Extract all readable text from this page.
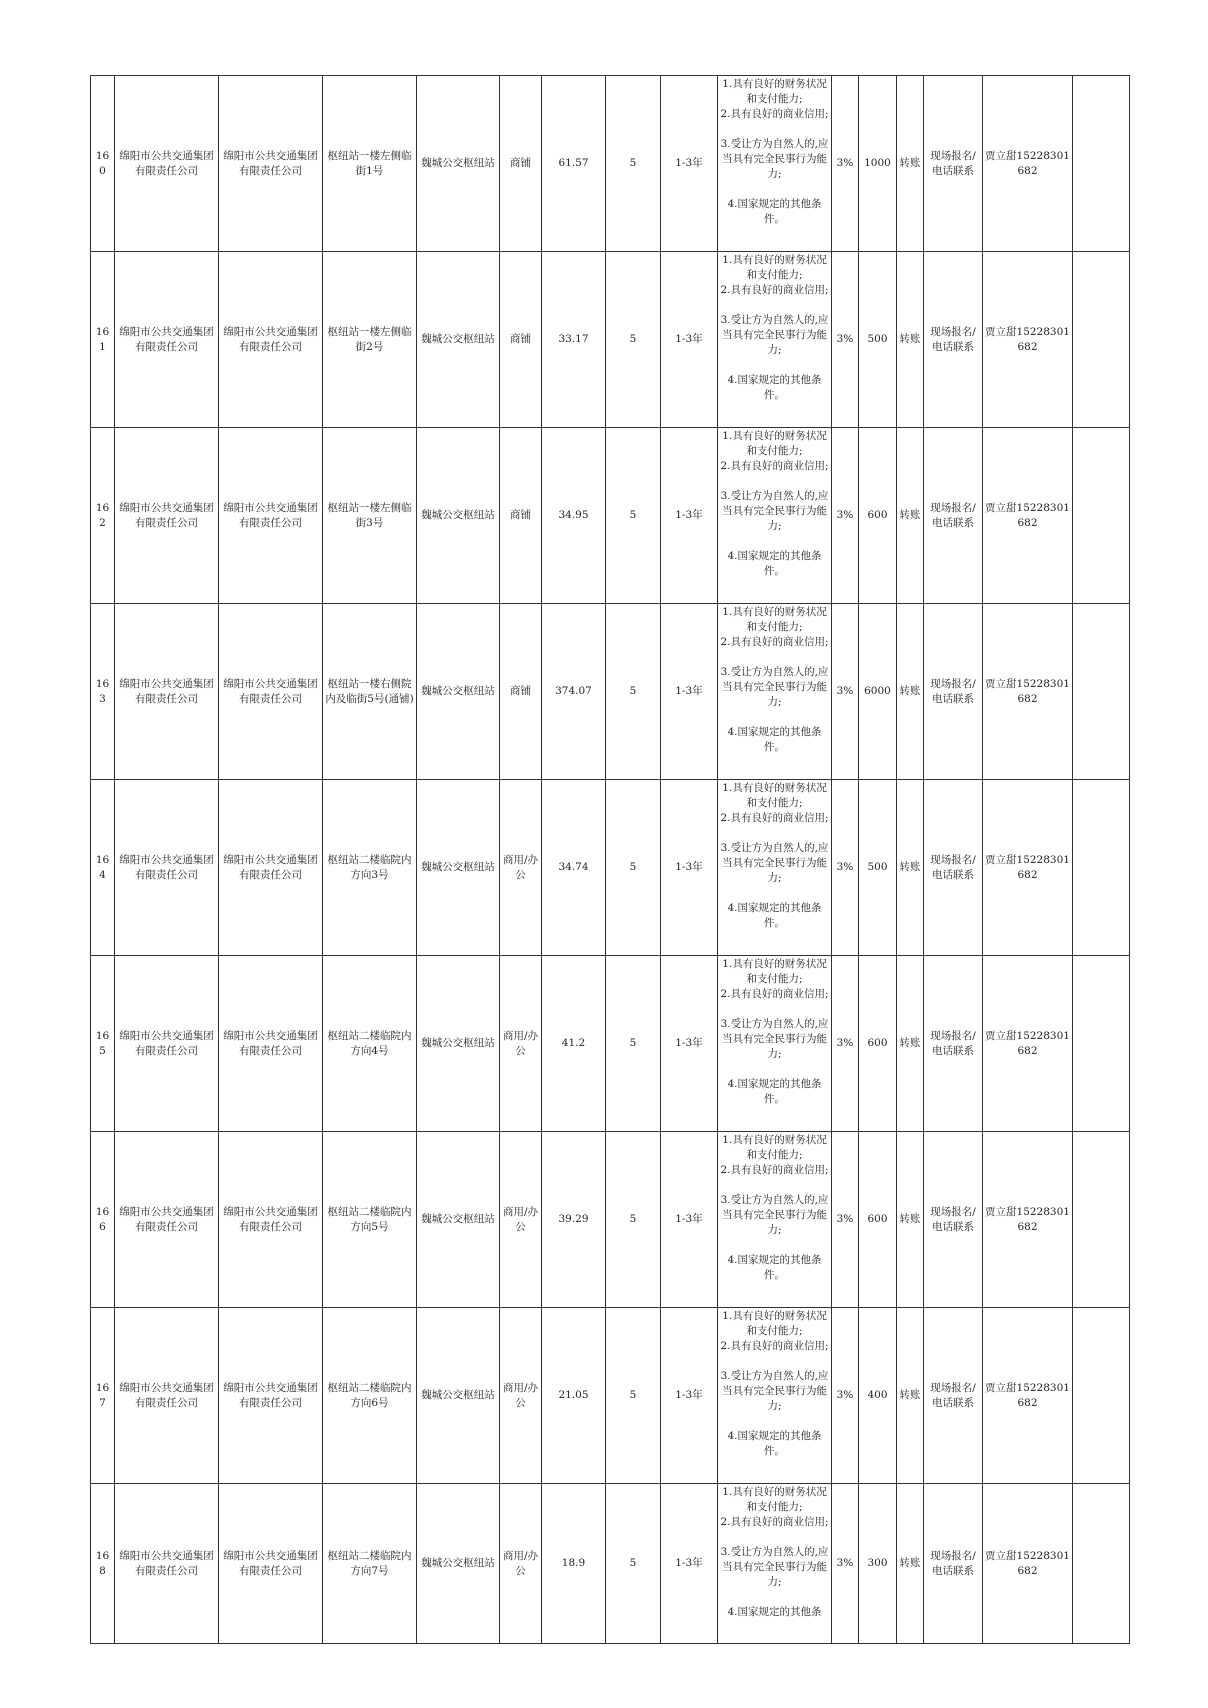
160	绵阳市公共交通集团有限责任公司	绵阳市公共交通集团有限责任公司	枢纽站一楼左侧临街1号	魏城公交枢纽站	商铺	61.57	5	1-3年	1.具有良好的财务状况和支付能力;
2.具有良好的商业信用;
3.受让方为自然人的,应当具有完全民事行为能力;
4.国家规定的其他条件。	3%	1000	转账	现场报名/电话联系	贾立甜15228301682	
161	绵阳市公共交通集团有限责任公司	绵阳市公共交通集团有限责任公司	枢纽站一楼左侧临街2号	魏城公交枢纽站	商铺	33.17	5	1-3年	1.具有良好的财务状况和支付能力;
2.具有良好的商业信用;
3.受让方为自然人的,应当具有完全民事行为能力;
4.国家规定的其他条件。	3%	500	转账	现场报名/电话联系	贾立甜15228301682	
162	绵阳市公共交通集团有限责任公司	绵阳市公共交通集团有限责任公司	枢纽站一楼左侧临街3号	魏城公交枢纽站	商铺	34.95	5	1-3年	1.具有良好的财务状况和支付能力;
2.具有良好的商业信用;
3.受让方为自然人的,应当具有完全民事行为能力;
4.国家规定的其他条件。	3%	600	转账	现场报名/电话联系	贾立甜15228301682	
163	绵阳市公共交通集团有限责任公司	绵阳市公共交通集团有限责任公司	枢纽站一楼右侧院内及临街5号(通铺)	魏城公交枢纽站	商铺	374.07	5	1-3年	1.具有良好的财务状况和支付能力;
2.具有良好的商业信用;
3.受让方为自然人的,应当具有完全民事行为能力;
4.国家规定的其他条件。	3%	6000	转账	现场报名/电话联系	贾立甜15228301682	
164	绵阳市公共交通集团有限责任公司	绵阳市公共交通集团有限责任公司	枢纽站二楼临院内方向3号	魏城公交枢纽站	商用/办公	34.74	5	1-3年	1.具有良好的财务状况和支付能力;
2.具有良好的商业信用;
3.受让方为自然人的,应当具有完全民事行为能力;
4.国家规定的其他条件。	3%	500	转账	现场报名/电话联系	贾立甜15228301682	
165	绵阳市公共交通集团有限责任公司	绵阳市公共交通集团有限责任公司	枢纽站二楼临院内方向4号	魏城公交枢纽站	商用/办公	41.2	5	1-3年	1.具有良好的财务状况和支付能力;
2.具有良好的商业信用;
3.受让方为自然人的,应当具有完全民事行为能力;
4.国家规定的其他条件。	3%	600	转账	现场报名/电话联系	贾立甜15228301682	
166	绵阳市公共交通集团有限责任公司	绵阳市公共交通集团有限责任公司	枢纽站二楼临院内方向5号	魏城公交枢纽站	商用/办公	39.29	5	1-3年	1.具有良好的财务状况和支付能力;
2.具有良好的商业信用;
3.受让方为自然人的,应当具有完全民事行为能力;
4.国家规定的其他条件。	3%	600	转账	现场报名/电话联系	贾立甜15228301682	
167	绵阳市公共交通集团有限责任公司	绵阳市公共交通集团有限责任公司	枢纽站二楼临院内方向6号	魏城公交枢纽站	商用/办公	21.05	5	1-3年	1.具有良好的财务状况和支付能力;
2.具有良好的商业信用;
3.受让方为自然人的,应当具有完全民事行为能力;
4.国家规定的其他条件。	3%	400	转账	现场报名/电话联系	贾立甜15228301682	
168	绵阳市公共交通集团有限责任公司	绵阳市公共交通集团有限责任公司	枢纽站二楼临院内方向7号	魏城公交枢纽站	商用/办公	18.9	5	1-3年	1.具有良好的财务状况和支付能力;
2.具有良好的商业信用;
3.受让方为自然人的,应当具有完全民事行为能力;
4.国家规定的其他条	3%	300	转账	现场报名/电话联系	贾立甜15228301682	
